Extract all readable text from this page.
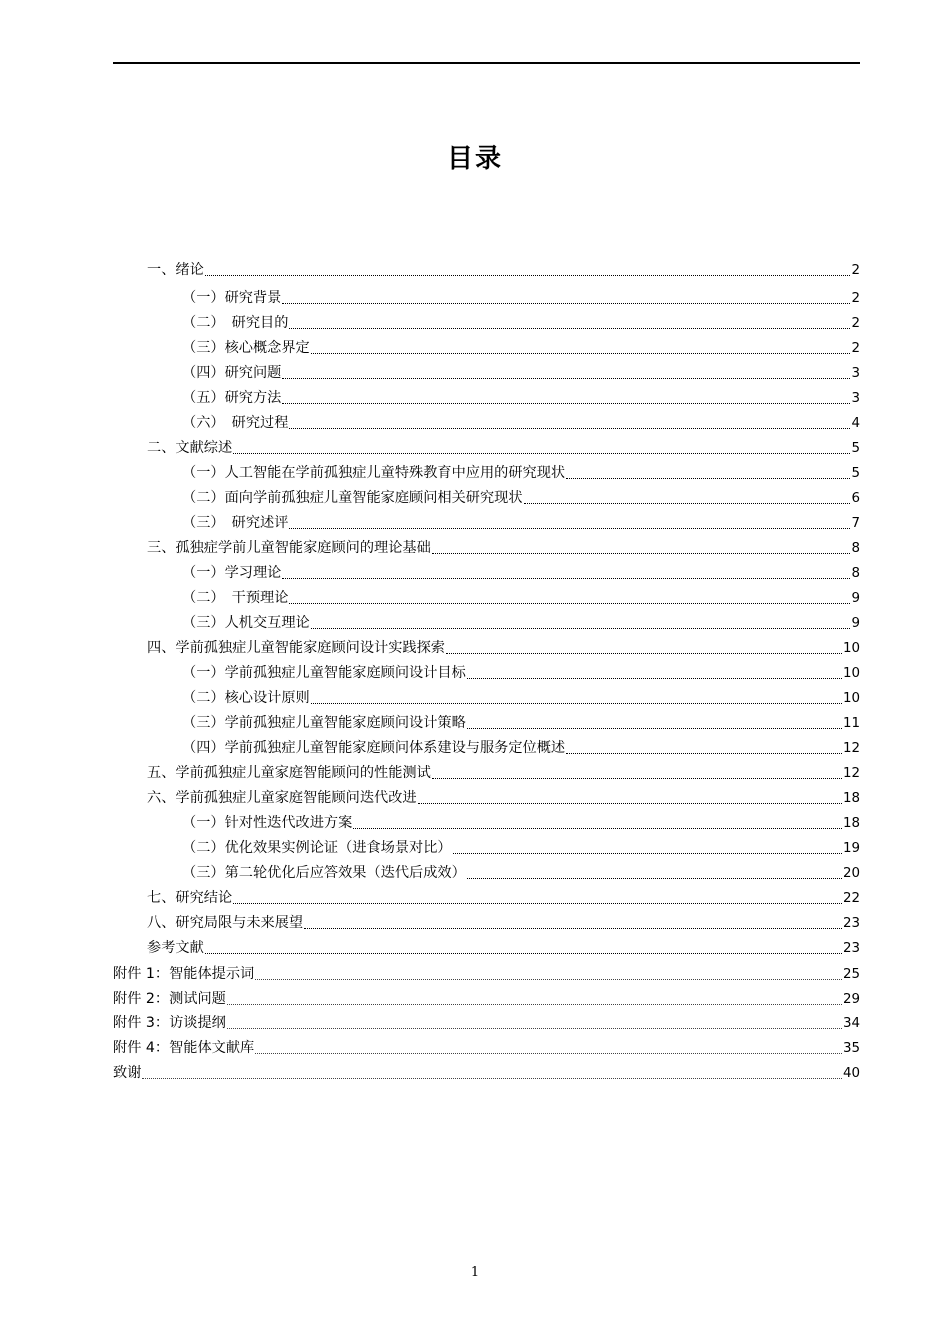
目录
一、绪论	2
（一）研究背景	2
（二）　研究目的	2
（三）核心概念界定	2
（四）研究问题	3
（五）研究方法	3
（六）　研究过程	4
二、文献综述	5
（一）人工智能在学前孤独症儿童特殊教育中应用的研究现状	5
（二）面向学前孤独症儿童智能家庭顾问相关研究现状	6
（三）　研究述评	7
三、孤独症学前儿童智能家庭顾问的理论基础	8
（一）学习理论	8
（二）　干预理论	9
（三）人机交互理论	9
四、学前孤独症儿童智能家庭顾问设计实践探索	10
（一）学前孤独症儿童智能家庭顾问设计目标	10
（二）核心设计原则	10
（三）学前孤独症儿童智能家庭顾问设计策略	11
（四）学前孤独症儿童智能家庭顾问体系建设与服务定位概述	12
五、学前孤独症儿童家庭智能顾问的性能测试	12
六、学前孤独症儿童家庭智能顾问迭代改进	18
（一）针对性迭代改进方案	18
（二）优化效果实例论证（进食场景对比）	19
（三）第二轮优化后应答效果（迭代后成效）	20
七、研究结论	22
八、研究局限与未来展望	23
参考文献	23
附件 1：智能体提示词	25
附件 2：测试问题	29
附件 3：访谈提纲	34
附件 4：智能体文献库	35
致谢	40
1
